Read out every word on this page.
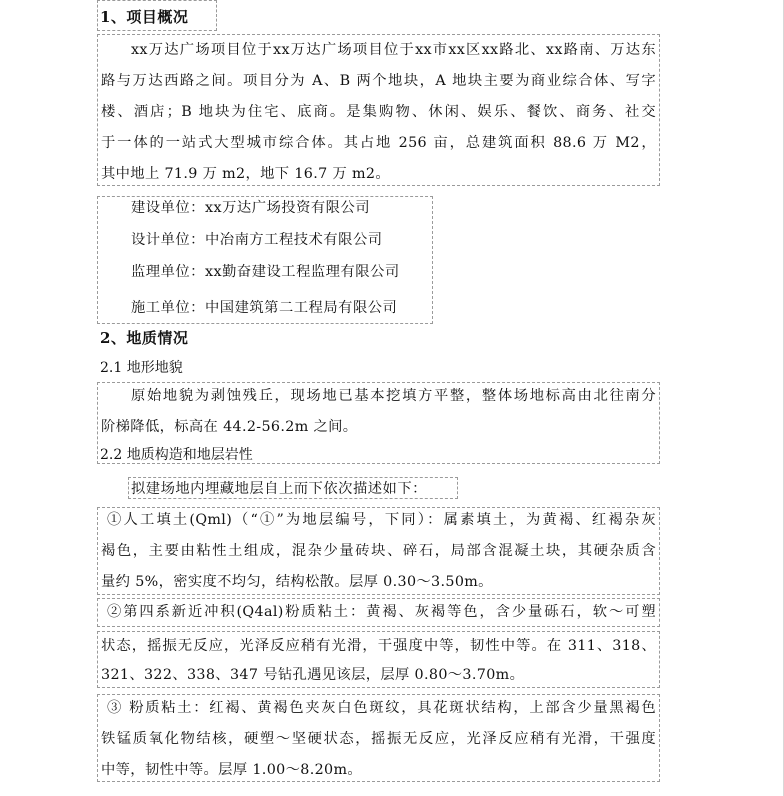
1、项目概况
xx万达广场项目位于xx万达广场项目位于xx市xx区xx路北、xx路南、万达东
路与万达西路之间。项目分为 A、B 两个地块，A 地块主要为商业综合体、写字
楼、酒店；B 地块为住宅、底商。是集购物、休闲、娱乐、餐饮、商务、社交
于一体的一站式大型城市综合体。其占地 256 亩，总建筑面积 88.6 万 M2，
其中地上 71.9 万 m2，地下 16.7 万 m2。
建设单位：xx万达广场投资有限公司
设计单位：中冶南方工程技术有限公司
监理单位：xx勤奋建设工程监理有限公司
施工单位：中国建筑第二工程局有限公司
2、地质情况
2.1 地形地貌
原始地貌为剥蚀残丘，现场地已基本挖填方平整，整体场地标高由北往南分
阶梯降低，标高在 44.2-56.2m 之间。
2.2 地质构造和地层岩性
拟建场地内埋藏地层自上而下依次描述如下：
①人工填土(Qml)（“①”为地层编号，下同）：属素填土，为黄褐、红褐杂灰
褐色，主要由粘性土组成，混杂少量砖块、碎石，局部含混凝土块，其硬杂质含
量约 5%，密实度不均匀，结构松散。层厚 0.30～3.50m。
②第四系新近冲积(Q4al)粉质粘土：黄褐、灰褐等色，含少量砾石，软～可塑
状态，摇振无反应，光泽反应稍有光滑，干强度中等，韧性中等。在 311、318、
321、322、338、347 号钻孔遇见该层，层厚 0.80～3.70m。
③ 粉质粘土：红褐、黄褐色夹灰白色斑纹，具花斑状结构，上部含少量黑褐色
铁锰质氧化物结核，硬塑～坚硬状态，摇振无反应，光泽反应稍有光滑，干强度
中等，韧性中等。层厚 1.00～8.20m。
